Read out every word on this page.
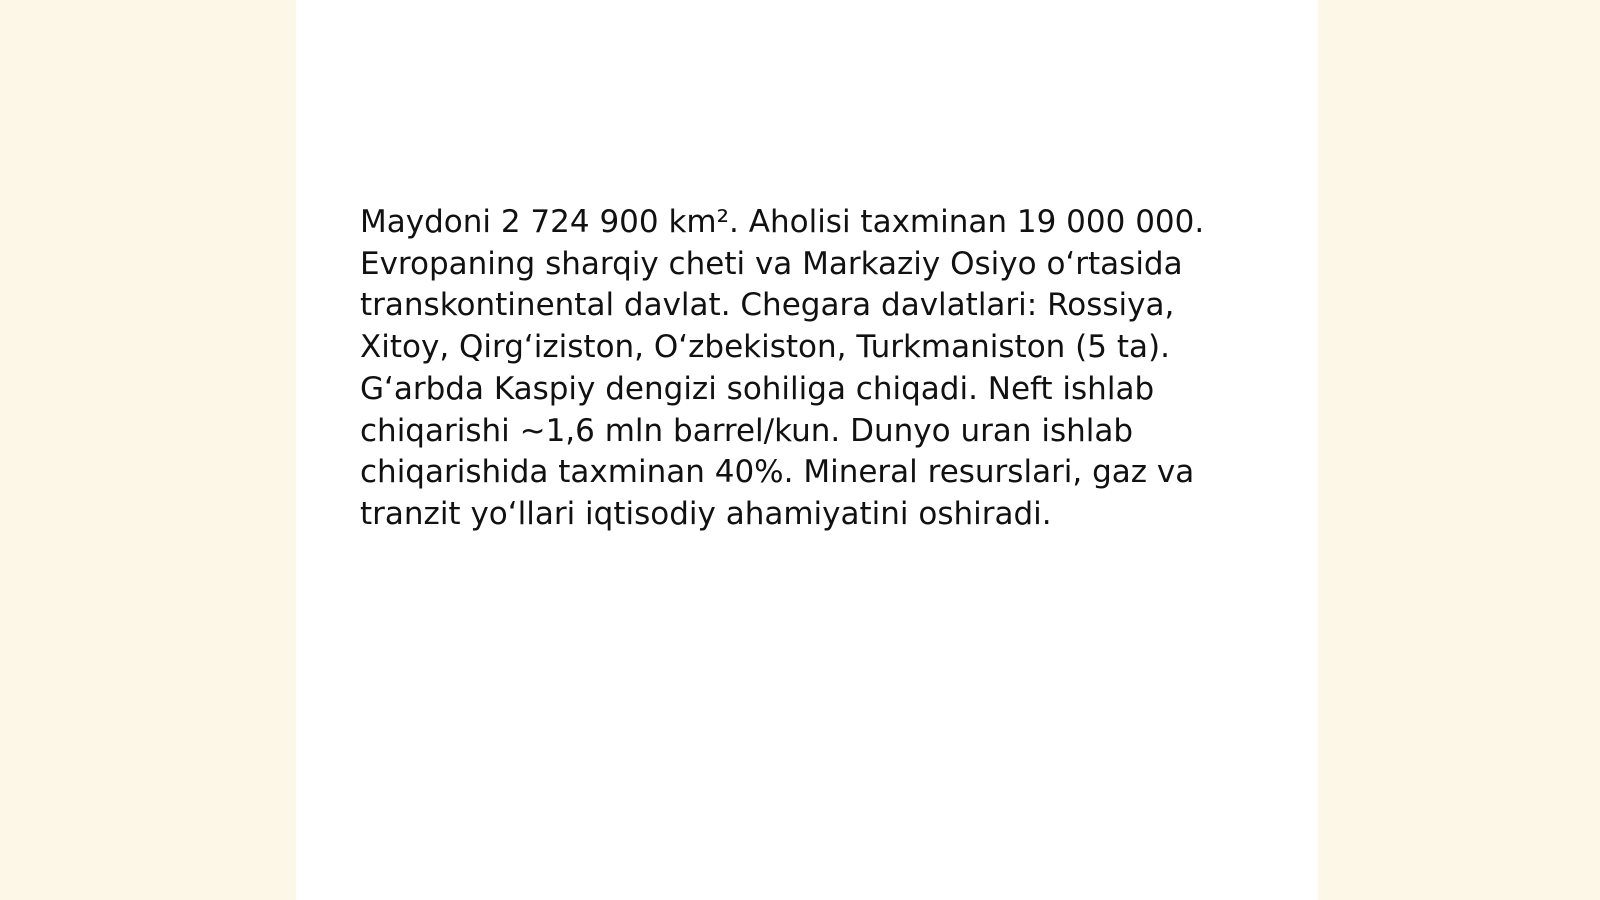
Maydoni 2 724 900 km². Aholisi taxminan 19 000 000.
Evropaning sharqiy cheti va Markaziy Osiyo oʻrtasida
transkontinental davlat. Chegara davlatlari: Rossiya,
Xitoy, Qirgʻiziston, Oʻzbekiston, Turkmaniston (5 ta).
Gʻarbda Kaspiy dengizi sohiliga chiqadi. Neft ishlab
chiqarishi ~1,6 mln barrel/kun. Dunyo uran ishlab
chiqarishida taxminan 40%. Mineral resurslari, gaz va
tranzit yoʻllari iqtisodiy ahamiyatini oshiradi.
